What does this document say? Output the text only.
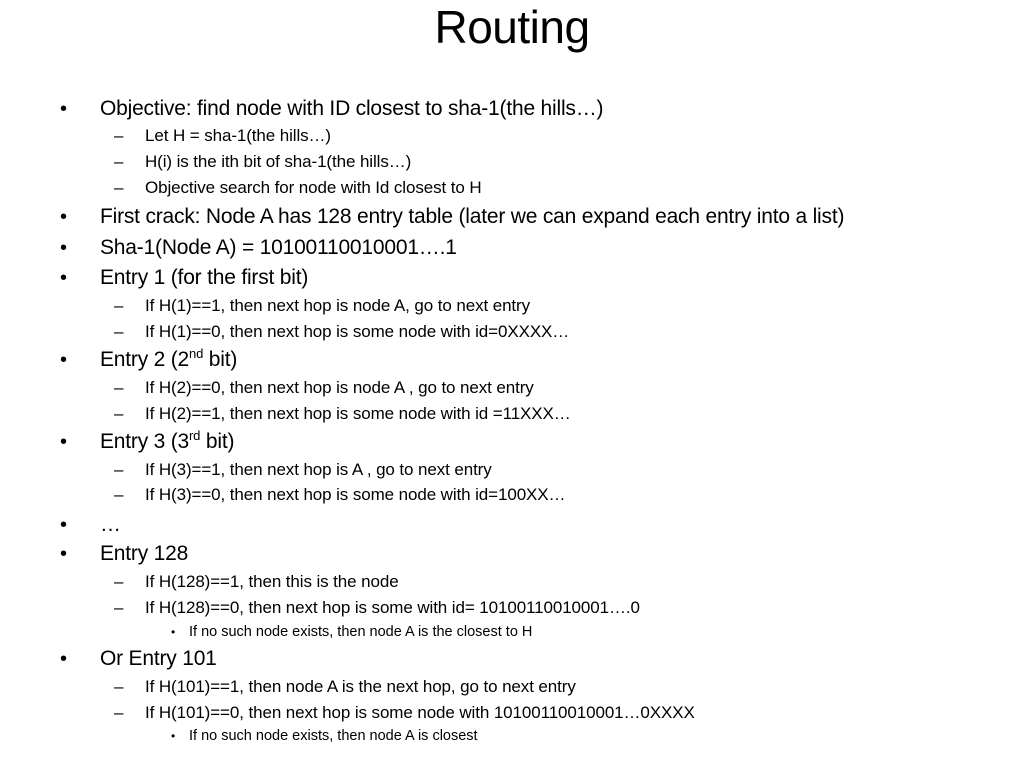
Routing
• Objective: find node with ID closest to sha-1(the hills…)
– Let H = sha-1(the hills…)
– H(i) is the ith bit of sha-1(the hills…)
– Objective search for node with Id closest to H
• First crack: Node A has 128 entry table (later we can expand each entry into a list)
• Sha-1(Node A) = 10100110010001….1
• Entry 1 (for the first bit)
– If H(1)==1, then next hop is node A, go to next entry
– If H(1)==0, then next hop is some node with id=0XXXX…
• Entry 2 (2nd bit)
– If H(2)==0, then next hop is node A , go to next entry
– If H(2)==1, then next hop is some node with id =11XXX…
• Entry 3 (3rd bit)
– If H(3)==1, then next hop is A , go to next entry
– If H(3)==0, then next hop is some node with id=100XX…
• …
• Entry 128
– If H(128)==1, then this is the node
– If H(128)==0, then next hop is some with id= 10100110010001….0
• If no such node exists, then node A is the closest to H
• Or Entry 101
– If H(101)==1, then node A is the next hop, go to next entry
– If H(101)==0, then next hop is some node with 10100110010001…0XXXX
• If no such node exists, then node A is closest
